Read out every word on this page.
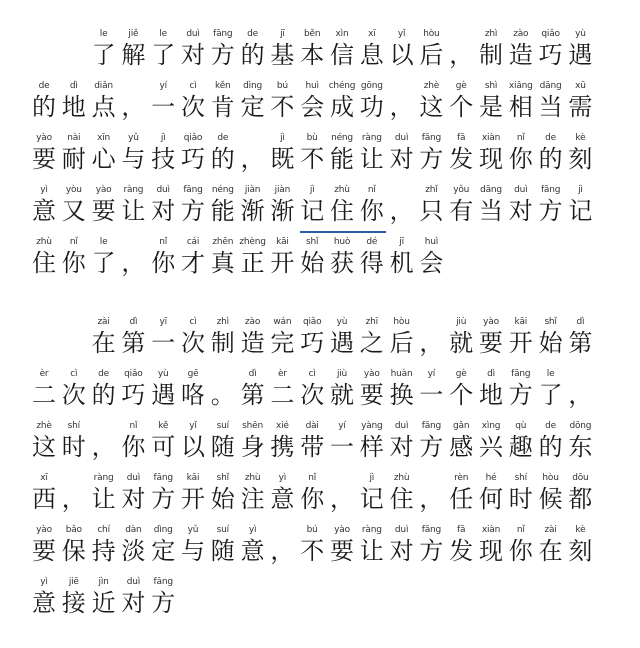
le
了
jiě
解
le
了
duì
对
fāng
方
de
的
jī
基
běn
本
xìn
信
xī
息
yǐ
以
hòu
后 ，
zhì
制
zào
造
qiǎo
巧
yù
遇
de
的
dì
地
diǎn
点 ，
yí
一
cì
次
kěn
肯
dìng
定
bú
不
huì
会
chéng
成
gōng
功 ，
zhè
这
gè
个
shì
是
xiāng
相
dāng
当
xū
需
yào
要
nài
耐
xīn
心
yǔ
与
jì
技
qiǎo
巧
de
的 ，
jì
既
bù
不
néng
能
ràng
让
duì
对
fāng
方
fā
发
xiàn
现
nǐ
你
de
的
kè
刻
yì
意
yòu
又
yào
要
ràng
让
duì
对
fāng
方
néng
能
jiàn
渐
jiàn
渐
jì
记
zhù
住
nǐ
你 ，
zhǐ
只
yǒu
有
dāng
当
duì
对
fāng
方
jì
记
zhù
住
nǐ
你
le
了 ，
nǐ
你
cái
才
zhēn
真
zhèng
正
kāi
开
shǐ
始
huò
获
dé
得
jī
机
huì
会
zài
在
dì
第
yī
一
cì
次
zhì
制
zào
造
wán
完
qiǎo
巧
yù
遇
zhī
之
hòu
后 ，
jiù
就
yào
要
kāi
开
shǐ
始
dì
第
èr
二
cì
次
de
的
qiǎo
巧
yù
遇
gē
咯 。
dì
第
èr
二
cì
次
jiù
就
yào
要
huàn
换
yí
一
gè
个
dì
地
fāng
方
le
了 ，
zhè
这
shí
时 ，
nǐ
你
kě
可
yǐ
以
suí
随
shēn
身
xié
携
dài
带
yí
一
yàng
样
duì
对
fāng
方
gǎn
感
xìng
兴
qù
趣
de
的
dōng
东
xī
西 ，
ràng
让
duì
对
fāng
方
kāi
开
shǐ
始
zhù
注
yì
意
nǐ
你 ，
jì
记
zhù
住 ，
rèn
任
hé
何
shí
时
hòu
候
dōu
都
yào
要
bǎo
保
chí
持
dàn
淡
dìng
定
yǔ
与
suí
随
yì
意 ，
bú
不
yào
要
ràng
让
duì
对
fāng
方
fā
发
xiàn
现
nǐ
你
zài
在
kè
刻
yì
意
jiē
接
jìn
近
duì
对
fāng
方
